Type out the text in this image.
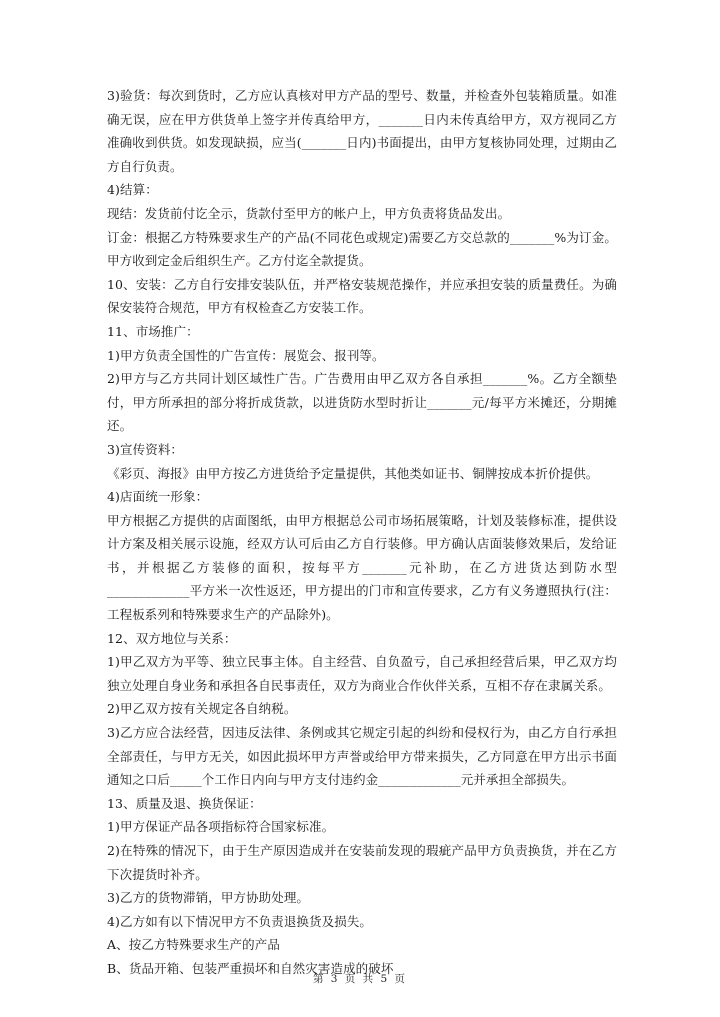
3)验货：每次到货时，乙方应认真核对甲方产品的型号、数量，并检查外包装箱质量。如准确无误，应在甲方供货单上签字并传真给甲方，_______日内未传真给甲方，双方视同乙方准确收到供货。如发现缺损，应当(_______日内)书面提出，由甲方复核协同处理，过期由乙方自行负责。

4)结算：

现结：发货前付讫全示，货款付至甲方的帐户上，甲方负责将货品发出。

订金：根据乙方特殊要求生产的产品(不同花色或规定)需要乙方交总款的_______%为订金。甲方收到定金后组织生产。乙方付迄全款提货。

10、安装：乙方自行安排安装队伍，并严格安装规范操作，并应承担安装的质量费任。为确保安装符合规范，甲方有权检查乙方安装工作。

11、市场推广：

1)甲方负责全国性的广告宣传：展览会、报刊等。

2)甲方与乙方共同计划区域性广告。广告费用由甲乙双方各自承担_______%。乙方全额垫付，甲方所承担的部分将折成货款，以进货防水型时折让_______元/每平方米摊还，分期摊还。

3)宣传资料：

《彩页、海报》由甲方按乙方进货给予定量提供，其他类如证书、铜牌按成本折价提供。

4)店面统一形象：

甲方根据乙方提供的店面图纸，由甲方根据总公司市场拓展策略，计划及装修标准，提供设计方案及相关展示设施，经双方认可后由乙方自行装修。甲方确认店面装修效果后，发给证书，并根据乙方装修的面积，按每平方_______元补助，在乙方进货达到防水型_____________平方米一次性返还，甲方提出的门市和宣传要求，乙方有义务遵照执行(注：工程板系列和特殊要求生产的产品除外)。

12、双方地位与关系：

1)甲乙双方为平等、独立民事主体。自主经营、自负盈亏，自己承担经营后果，甲乙双方均独立处理自身业务和承担各自民事责任，双方为商业合作伙伴关系，互相不存在隶属关系。

2)甲乙双方按有关规定各自纳税。

3)乙方应合法经营，因违反法律、条例或其它规定引起的纠纷和侵权行为，由乙方自行承担全部责任，与甲方无关，如因此损坏甲方声誉或给甲方带来损失，乙方同意在甲方出示书面通知之口后_____个工作日内向与甲方支付违约金_____________元并承担全部损失。

13、质量及退、换货保证：

1)甲方保证产品各项指标符合国家标准。

2)在特殊的情况下，由于生产原因造成并在安装前发现的瑕疵产品甲方负责换货，并在乙方下次提货时补齐。

3)乙方的货物滞销，甲方协助处理。

4)乙方如有以下情况甲方不负责退换货及损失。

A、按乙方特殊要求生产的产品

B、货品开箱、包装严重损坏和自然灾害造成的破坏

第 3 页 共 5 页
